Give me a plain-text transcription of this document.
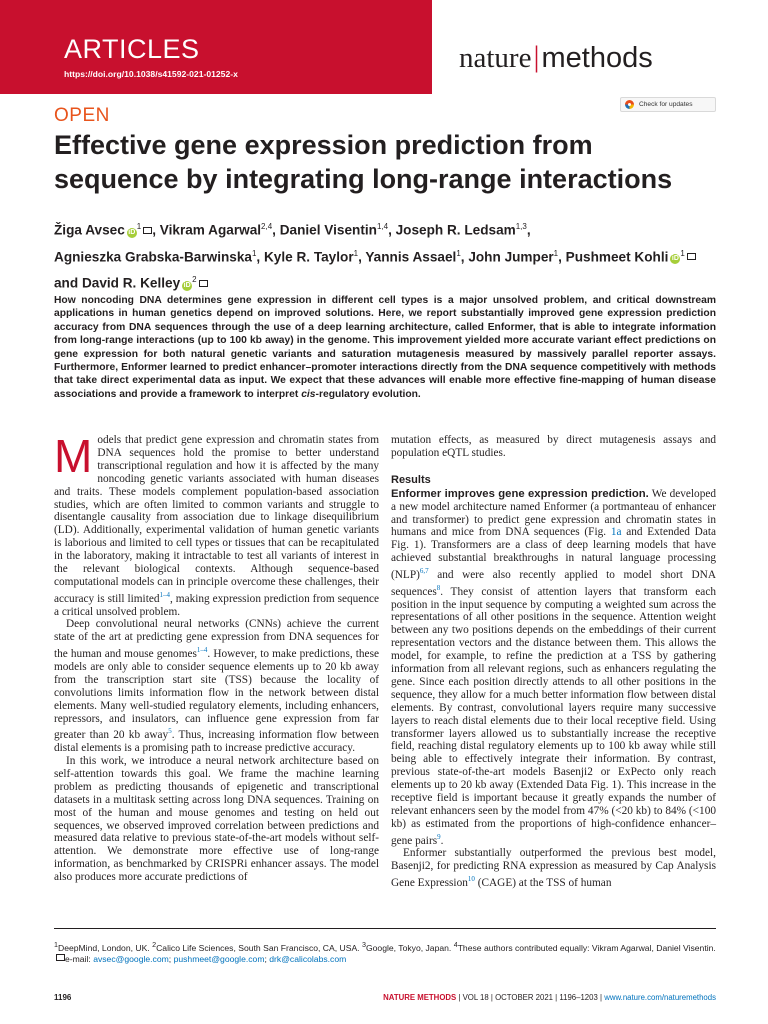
ARTICLES
https://doi.org/10.1038/s41592-021-01252-x	nature|methods
Check for updates
OPEN
Effective gene expression prediction from sequence by integrating long-range interactions
Žiga Avsec $iD^1$ , Vikram Agarwal$^{2,4}$, Daniel Visentin$^{1,4}$, Joseph R. Ledsam$^{1,3}$,
Agnieszka Grabska-Barwinska$^1$, Kyle R. Taylor$^1$, Yannis Assael$^1$, John Jumper$^1$, Pushmeet Kohli $iD^1$
and David R. Kelley $iD^2$

How noncoding DNA determines gene expression in different cell types is a major unsolved problem, and critical downstream applications in human genetics depend on improved solutions. Here, we report substantially improved gene expression prediction accuracy from DNA sequences through the use of a deep learning architecture, called Enformer, that is able to integrate information from long-range interactions (up to 100 kb away) in the genome. This improvement yielded more accurate variant effect predictions on gene expression for both natural genetic variants and saturation mutagenesis measured by massively parallel reporter assays. Furthermore, Enformer learned to predict enhancer–promoter interactions directly from the DNA sequence competitively with methods that take direct experimental data as input. We expect that these advances will enable more effective fine-mapping of human disease associations and provide a framework to interpret cis-regulatory evolution.

Models that predict gene expression and chromatin states from DNA sequences hold the promise to better understand transcriptional regulation and how it is affected by the many noncoding genetic variants associated with human diseases and traits. These models complement population-based association studies, which are often limited to common variants and struggle to disentangle causality from association due to linkage disequilibrium (LD). Additionally, experimental validation of human genetic variants is laborious and limited to cell types or tissues that can be recapitulated in the laboratory, making it intractable to test all variants of interest in the relevant biological contexts. Although sequence-based computational models can in principle overcome these challenges, their accuracy is still limited$^{1-4}$, making expression prediction from sequence a critical unsolved problem.

Deep convolutional neural networks (CNNs) achieve the current state of the art at predicting gene expression from DNA sequences for the human and mouse genomes$^{1-4}$. However, to make predictions, these models are only able to consider sequence elements up to 20 kb away from the transcription start site (TSS) because the locality of convolutions limits information flow in the network between distal elements. Many well-studied regulatory elements, including enhancers, repressors, and insulators, can influence gene expression from far greater than 20 kb away$^5$. Thus, increasing information flow between distal elements is a promising path to increase predictive accuracy.

In this work, we introduce a neural network architecture based on self-attention towards this goal. We frame the machine learning problem as predicting thousands of epigenetic and transcriptional datasets in a multitask setting across long DNA sequences. Training on most of the human and mouse genomes and testing on held out sequences, we observed improved correlation between predictions and measured data relative to previous state-of-the-art models without self-attention. We demonstrate more effective use of long-range information, as benchmarked by CRISPRi enhancer assays. The model also produces more accurate predictions of

mutation effects, as measured by direct mutagenesis assays and population eQTL studies.

Results

Enformer improves gene expression prediction. We developed a new model architecture named Enformer (a portmanteau of enhancer and transformer) to predict gene expression and chromatin states in humans and mice from DNA sequences (Fig. 1a and Extended Data Fig. 1). Transformers are a class of deep learning models that have achieved substantial breakthroughs in natural language processing (NLP)$^{6,7}$ and were also recently applied to model short DNA sequences$^8$. They consist of attention layers that transform each position in the input sequence by computing a weighted sum across the representations of all other positions in the sequence. Attention weight between any two positions depends on the embeddings of their current representation vectors and the distance between them. This allows the model, for example, to refine the prediction at a TSS by gathering information from all relevant regions, such as enhancers regulating the gene. Since each position directly attends to all other positions in the sequence, they allow for a much better information flow between distal elements. By contrast, convolutional layers require many successive layers to reach distal elements due to their local receptive field. Using transformer layers allowed us to substantially increase the receptive field, reaching distal regulatory elements up to 100 kb away while still being able to effectively integrate their information. By contrast, previous state-of-the-art models Basenji2 or ExPecto only reach elements up to 20 kb away (Extended Data Fig. 1). This increase in the receptive field is important because it greatly expands the number of relevant enhancers seen by the model from 47% (<20 kb) to 84% (<100 kb) as estimated from the proportions of high-confidence enhancer–gene pairs$^9$.

Enformer substantially outperformed the previous best model, Basenji2, for predicting RNA expression as measured by Cap Analysis Gene Expression$^{10}$ (CAGE) at the TSS of human

$^1$DeepMind, London, UK. $^2$Calico Life Sciences, South San Francisco, CA, USA. $^3$Google, Tokyo, Japan. $^4$These authors contributed equally: Vikram Agarwal, Daniel Visentin. e-mail: avsec@google.com; pushmeet@google.com; drk@calicolabs.com
1196	NATURE METHODS | VOL 18 | OCTOBER 2021 | 1196–1203 | www.nature.com/naturemethods
